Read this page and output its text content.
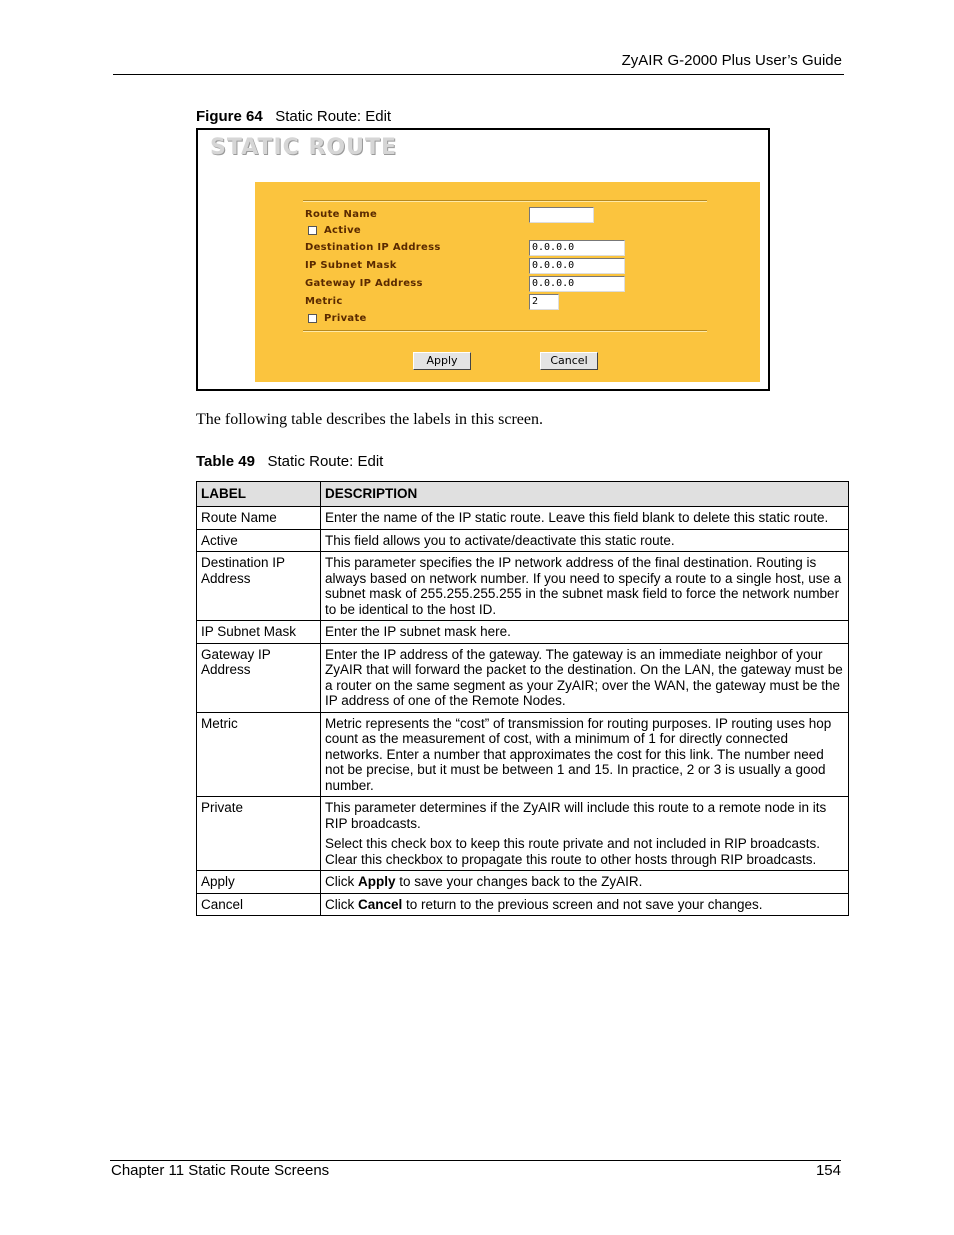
ZyAIR G-2000 Plus User’s Guide
Figure 64 Static Route: Edit
STATIC ROUTE
Route Name
Active
Destination IP Address	0.0.0.0
IP Subnet Mask	0.0.0.0
Gateway IP Address	0.0.0.0
Metric	2
Private
Apply	Cancel
The following table describes the labels in this screen.
Table 49 Static Route: Edit
LABEL	DESCRIPTION
Route Name	Enter the name of the IP static route. Leave this field blank to delete this static route.
Active	This field allows you to activate/deactivate this static route.
Destination IP Address	This parameter specifies the IP network address of the final destination. Routing is always based on network number. If you need to specify a route to a single host, use a subnet mask of 255.255.255.255 in the subnet mask field to force the network number to be identical to the host ID.
IP Subnet Mask	Enter the IP subnet mask here.
Gateway IP Address	Enter the IP address of the gateway. The gateway is an immediate neighbor of your ZyAIR that will forward the packet to the destination. On the LAN, the gateway must be a router on the same segment as your ZyAIR; over the WAN, the gateway must be the IP address of one of the Remote Nodes.
Metric	Metric represents the “cost” of transmission for routing purposes. IP routing uses hop count as the measurement of cost, with a minimum of 1 for directly connected networks. Enter a number that approximates the cost for this link. The number need not be precise, but it must be between 1 and 15. In practice, 2 or 3 is usually a good number.
Private	This parameter determines if the ZyAIR will include this route to a remote node in its RIP broadcasts.

Select this check box to keep this route private and not included in RIP broadcasts. Clear this checkbox to propagate this route to other hosts through RIP broadcasts.

Apply	Click Apply to save your changes back to the ZyAIR.
Cancel	Click Cancel to return to the previous screen and not save your changes.
Chapter 11 Static Route Screens	154
